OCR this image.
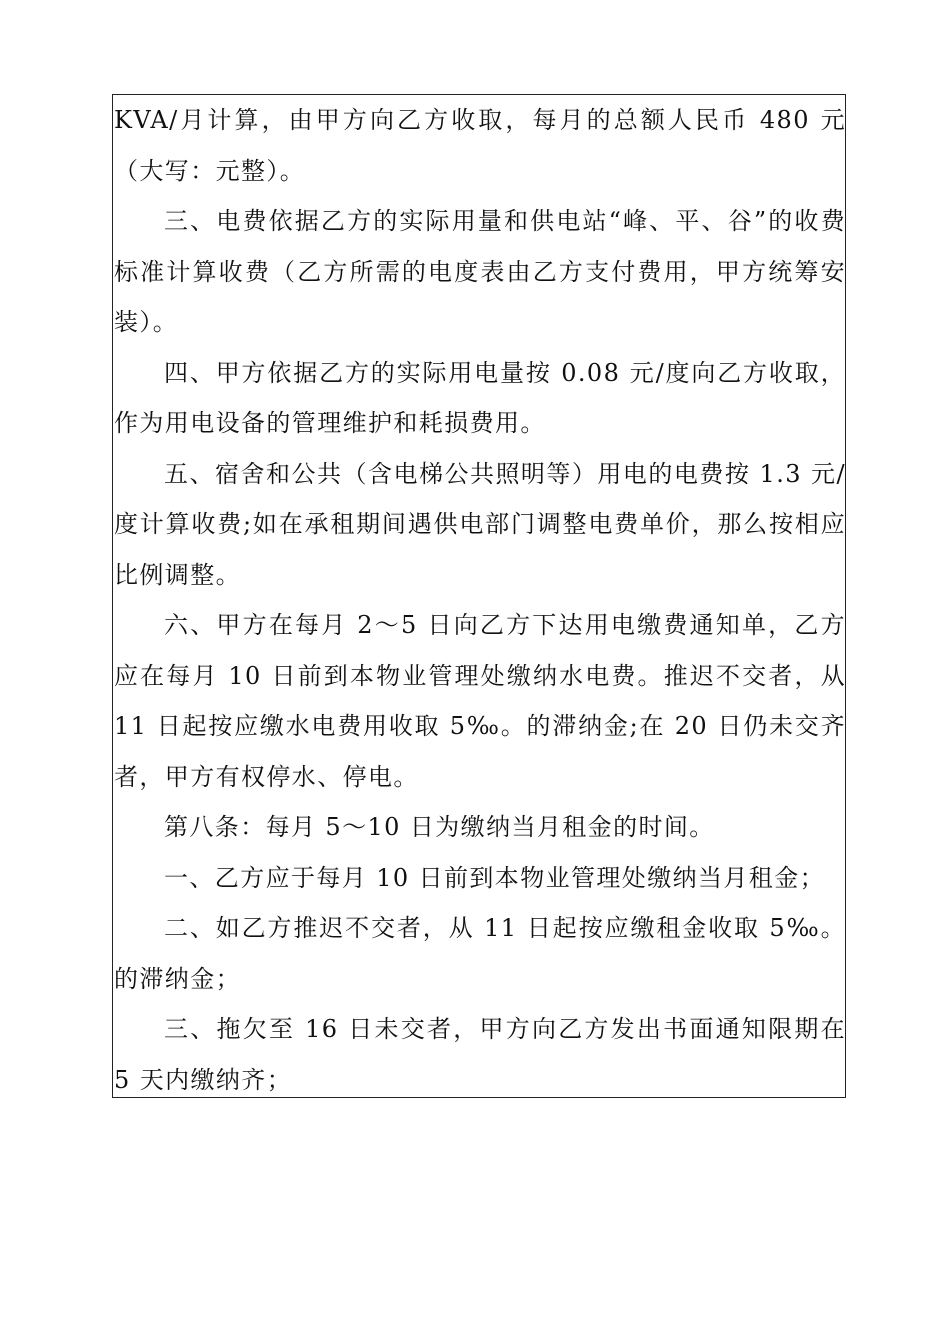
KVA/月计算，由甲方向乙方收取，每月的总额人民币 480 元（大写：元整）。

三、电费依据乙方的实际用量和供电站“峰、平、谷”的收费标准计算收费（乙方所需的电度表由乙方支付费用，甲方统筹安装）。

四、甲方依据乙方的实际用电量按 0.08 元/度向乙方收取，作为用电设备的管理维护和耗损费用。

五、宿舍和公共（含电梯公共照明等）用电的电费按 1.3 元/度计算收费;如在承租期间遇供电部门调整电费单价，那么按相应比例调整。

六、甲方在每月 2〜5 日向乙方下达用电缴费通知单，乙方应在每月 10 日前到本物业管理处缴纳水电费。推迟不交者，从 11 日起按应缴水电费用收取 5‰。的滞纳金;在 20 日仍未交齐者，甲方有权停水、停电。

第八条：每月 5〜10 日为缴纳当月租金的时间。

一、乙方应于每月 10 日前到本物业管理处缴纳当月租金；

二、如乙方推迟不交者，从 11 日起按应缴租金收取 5‰。的滞纳金；

三、拖欠至 16 日未交者，甲方向乙方发出书面通知限期在 5 天内缴纳齐；
